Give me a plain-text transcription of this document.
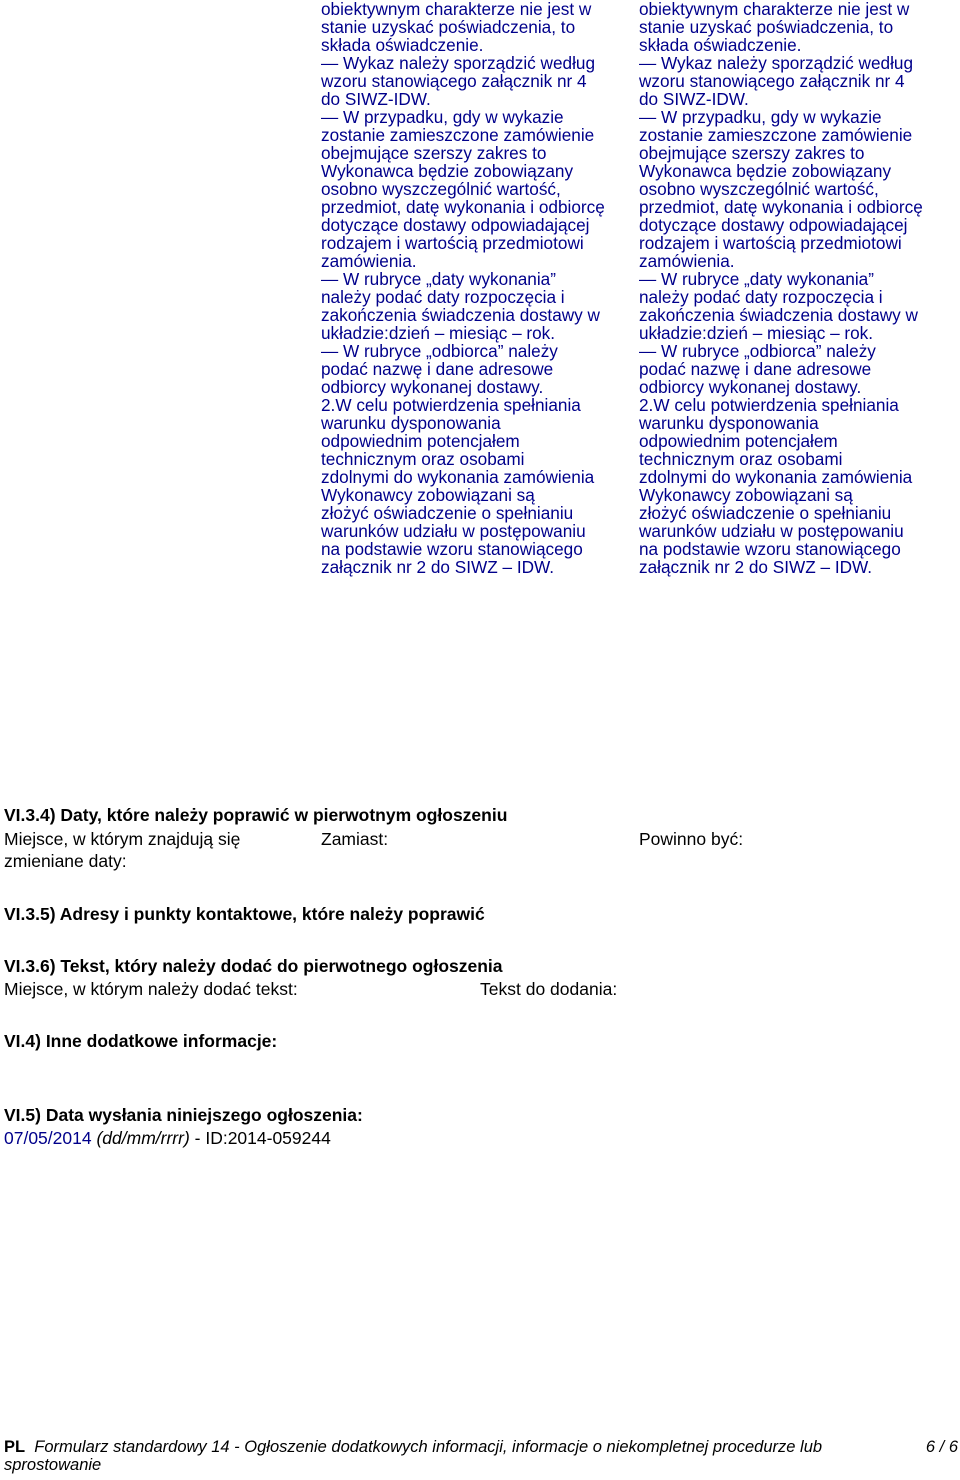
obiektywnym charakterze nie jest w

stanie uzyskać poświadczenia, to

składa oświadczenie.

— Wykaz należy sporządzić według

wzoru stanowiącego załącznik nr 4

do SIWZ-IDW.

— W przypadku, gdy w wykazie

zostanie zamieszczone zamówienie

obejmujące szerszy zakres to

Wykonawca będzie zobowiązany

osobno wyszczególnić wartość,

przedmiot, datę wykonania i odbiorcę

dotyczące dostawy odpowiadającej

rodzajem i wartością przedmiotowi

zamówienia.

— W rubryce „daty wykonania”

należy podać daty rozpoczęcia i

zakończenia świadczenia dostawy w

układzie:dzień – miesiąc – rok.

— W rubryce „odbiorca” należy

podać nazwę i dane adresowe

odbiorcy wykonanej dostawy.

2.W celu potwierdzenia spełniania

warunku dysponowania

odpowiednim potencjałem

technicznym oraz osobami

zdolnymi do wykonania zamówienia

Wykonawcy zobowiązani są

złożyć oświadczenie o spełnianiu

warunków udziału w postępowaniu

na podstawie wzoru stanowiącego

załącznik nr 2 do SIWZ – IDW.

obiektywnym charakterze nie jest w

stanie uzyskać poświadczenia, to

składa oświadczenie.

— Wykaz należy sporządzić według

wzoru stanowiącego załącznik nr 4

do SIWZ-IDW.

— W przypadku, gdy w wykazie

zostanie zamieszczone zamówienie

obejmujące szerszy zakres to

Wykonawca będzie zobowiązany

osobno wyszczególnić wartość,

przedmiot, datę wykonania i odbiorcę

dotyczące dostawy odpowiadającej

rodzajem i wartością przedmiotowi

zamówienia.

— W rubryce „daty wykonania”

należy podać daty rozpoczęcia i

zakończenia świadczenia dostawy w

układzie:dzień – miesiąc – rok.

— W rubryce „odbiorca” należy

podać nazwę i dane adresowe

odbiorcy wykonanej dostawy.

2.W celu potwierdzenia spełniania

warunku dysponowania

odpowiednim potencjałem

technicznym oraz osobami

zdolnymi do wykonania zamówienia

Wykonawcy zobowiązani są

złożyć oświadczenie o spełnianiu

warunków udziału w postępowaniu

na podstawie wzoru stanowiącego

załącznik nr 2 do SIWZ – IDW.

VI.3.4) Daty, które należy poprawić w pierwotnym ogłoszeniu
Miejsce, w którym znajdują się
zmieniane daty:
Zamiast:	Powinno być:
VI.3.5) Adresy i punkty kontaktowe, które należy poprawić
VI.3.6) Tekst, który należy dodać do pierwotnego ogłoszenia
Miejsce, w którym należy dodać tekst:	Tekst do dodania:
VI.4) Inne dodatkowe informacje:
VI.5) Data wysłania niniejszego ogłoszenia:
07/05/2014 (dd/mm/rrrr) - ID:2014-059244
PL Formularz standardowy 14 - Ogłoszenie dodatkowych informacji, informacje o niekompletnej procedurze lub
sprostowanie
6 / 6
